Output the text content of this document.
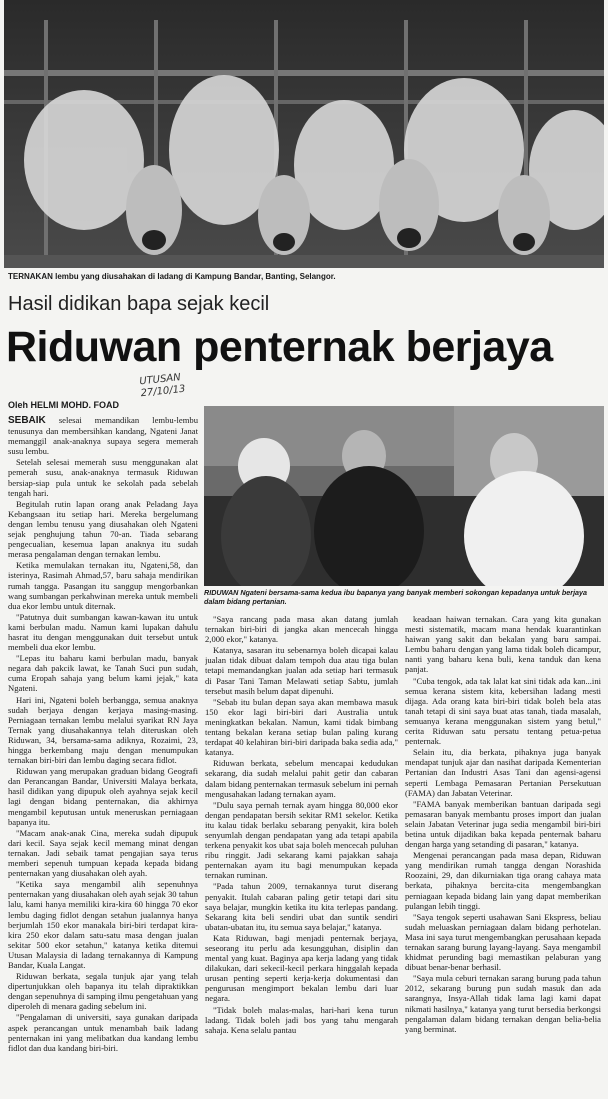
TERNAKAN lembu yang diusahakan di ladang di Kampung Bandar, Banting, Selangor.
Hasil didikan bapa sejak kecil
Riduwan penternak berjaya
UTUSAN
27/10/13
Oleh HELMI MOHD. FOAD
RIDUWAN Ngateni bersama-sama kedua ibu bapanya yang banyak memberi sokongan kepadanya untuk berjaya dalam bidang pertanian.

SEBAIK selesai memandikan lembu-lembu tenusunya dan membersihkan kandang, Ngateni Janat memanggil anak-anaknya supaya segera memerah susu lembu.

Setelah selesai memerah susu menggunakan alat pemerah susu, anak-anaknya termasuk Riduwan bersiap-siap pula untuk ke sekolah pada sebelah tengah hari.

Begitulah rutin lapan orang anak Peladang Jaya Kebangsaan itu setiap hari. Mereka bergelumang dengan lembu tenusu yang diusahakan oleh Ngateni sejak penghujung tahun 70-an. Tiada sebarang pengecualian, kesemua lapan anaknya itu sudah merasa pengalaman dengan ternakan lembu.

Ketika memulakan ternakan itu, Ngateni,58, dan isterinya, Rasimah Ahmad,57, baru sahaja mendirikan rumah tangga. Pasangan itu sanggup mengorbankan wang sumbangan perkahwinan mereka untuk membeli dua ekor lembu untuk diternak.

"Patutnya duit sumbangan kawan-kawan itu untuk kami berbulan madu. Namun kami lupakan dahulu hasrat itu dengan menggunakan duit tersebut untuk membeli dua ekor lembu.

"Lepas itu baharu kami berbulan madu, banyak negara dah pakcik lawat, ke Tanah Suci pun sudah, cuma Eropah sahaja yang belum kami jejak," kata Ngateni.

Hari ini, Ngateni boleh berbangga, semua anaknya sudah berjaya dengan kerjaya masing-masing. Perniagaan ternakan lembu melalui syarikat RN Jaya Ternak yang diusahakannya telah diteruskan oleh Riduwan, 34, bersama-sama adiknya, Rozaimi, 23, hingga berkembang maju dengan menumpukan ternakan biri-biri dan lembu daging secara fidlot.

Riduwan yang merupakan graduan bidang Geografi dan Perancangan Bandar, Universiti Malaya berkata, hasil didikan yang dipupuk oleh ayahnya sejak kecil lagi dengan bidang penternakan, dia akhirnya mengambil keputusan untuk meneruskan perniagaan bapanya itu.

"Macam anak-anak Cina, mereka sudah dipupuk dari kecil. Saya sejak kecil memang minat dengan ternakan. Jadi sebaik tamat pengajian saya terus memberi sepenuh tumpuan kepada kepada bidang penternakan yang diusahakan oleh ayah.

"Ketika saya mengambil alih sepenuhnya penternakan yang diusahakan oleh ayah sejak 30 tahun lalu, kami hanya memiliki kira-kira 60 hingga 70 ekor lembu daging fidlot dengan setahun jualannya hanya berjumlah 150 ekor manakala biri-biri terdapat kira-kira 250 ekor dalam satu-satu masa dengan jualan sekitar 500 ekor setahun," katanya ketika ditemui Utusan Malaysia di ladang ternakannya di Kampung Bandar, Kuala Langat.

Riduwan berkata, segala tunjuk ajar yang telah dipertunjukkan oleh bapanya itu telah dipraktikkan dengan sepenuhnya di samping ilmu pengetahuan yang diperoleh di menara gading sebelum ini.

"Pengalaman di universiti, saya gunakan daripada aspek perancangan untuk menambah baik ladang penternakan ini yang melibatkan dua kandang lembu fidlot dan dua kandang biri-biri.

"Saya rancang pada masa akan datang jumlah ternakan biri-biri di jangka akan mencecah hingga 2,000 ekor," katanya.

Katanya, sasaran itu sebenarnya boleh dicapai kalau jualan tidak dibuat dalam tempoh dua atau tiga bulan tetapi memandangkan jualan ada setiap hari termasuk di Pasar Tani Taman Melawati setiap Sabtu, jumlah tersebut masih belum dapat dipenuhi.

"Sebab itu bulan depan saya akan membawa masuk 150 ekor lagi biri-biri dari Australia untuk meningkatkan bekalan. Namun, kami tidak bimbang tentang bekalan kerana setiap bulan paling kurang terdapat 40 kelahiran biri-biri daripada baka sedia ada," katanya.

Riduwan berkata, sebelum mencapai kedudukan sekarang, dia sudah melalui pahit getir dan cabaran dalam bidang penternakan termasuk sebelum ini pernah mengusahakan ladang ternakan ayam.

"Dulu saya pernah ternak ayam hingga 80,000 ekor dengan pendapatan bersih sekitar RM1 sekelor. Ketika itu kalau tidak berlaku sebarang penyakit, kira boleh senyumlah dengan pendapatan yang ada tetapi apabila terkena penyakit kos ubat saja boleh mencecah puluhan ribu ringgit. Jadi sekarang kami pajakkan sahaja penternakan ayam itu bagi menumpukan kepada ternakan ruminan.

"Pada tahun 2009, ternakannya turut diserang penyakit. Itulah cabaran paling getir tetapi dari situ saya belajar, mungkin ketika itu kita terlepas pandang. Sekarang kita beli sendiri ubat dan suntik sendiri ubatan-ubatan itu, itu semua saya belajar," katanya.

Kata Riduwan, bagi menjadi penternak berjaya, seseorang itu perlu ada kesungguhan, disiplin dan mental yang kuat. Baginya apa kerja ladang yang tidak dilakukan, dari sekecil-kecil perkara hinggalah kepada urusan penting seperti kerja-kerja dokumentasi dan pengurusan mengimport bekalan lembu dari luar negara.

"Tidak boleh malas-malas, hari-hari kena turun ladang. Tidak boleh jadi bos yang tahu mengarah sahaja. Kena selalu pantau

keadaan haiwan ternakan. Cara yang kita gunakan mesti sistematik, macam mana hendak kuarantinkan haiwan yang sakit dan bekalan yang baru sampai. Lembu baharu dengan yang lama tidak boleh dicampur, nanti yang baharu kena buli, kena tanduk dan kena panjat.

"Cuba tengok, ada tak lalat kat sini tidak ada kan...ini semua kerana sistem kita, kebersihan ladang mesti dijaga. Ada orang kata biri-biri tidak boleh bela atas tanah tetapi di sini saya buat atas tanah, tiada masalah, semuanya kerana menggunakan sistem yang betul," cerita Riduwan satu persatu tentang petua-petua penternak.

Selain itu, dia berkata, pihaknya juga banyak mendapat tunjuk ajar dan nasihat daripada Kementerian Pertanian dan Industri Asas Tani dan agensi-agensi seperti Lembaga Pemasaran Pertanian Persekutuan (FAMA) dan Jabatan Veterinar.

"FAMA banyak memberikan bantuan daripada segi pemasaran banyak membantu proses import dan jualan selain Jabatan Veterinar juga sedia mengambil biri-biri betina untuk dijadikan baka kepada penternak baharu dengan harga yang setanding di pasaran," katanya.

Mengenai perancangan pada masa depan, Riduwan yang mendirikan rumah tangga dengan Norashida Roozaini, 29, dan dikurniakan tiga orang cahaya mata berkata, pihaknya bercita-cita mengembangkan perniagaan kepada bidang lain yang dapat memberikan pulangan lebih tinggi.

"Saya tengok seperti usahawan Sani Ekspress, beliau sudah meluaskan perniagaan dalam bidang perhotelan. Masa ini saya turut mengembangkan perusahaan kepada ternakan sarang burung layang-layang. Saya mengambil khidmat perunding bagi memastikan pelaburan yang dibuat benar-benar berhasil.

"Saya mula ceburi ternakan sarang burung pada tahun 2012, sekarang burung pun sudah masuk dan ada sarangnya, Insya-Allah tidak lama lagi kami dapat nikmati hasilnya," katanya yang turut bersedia berkongsi pengalaman dalam bidang ternakan dengan belia-belia yang berminat.
